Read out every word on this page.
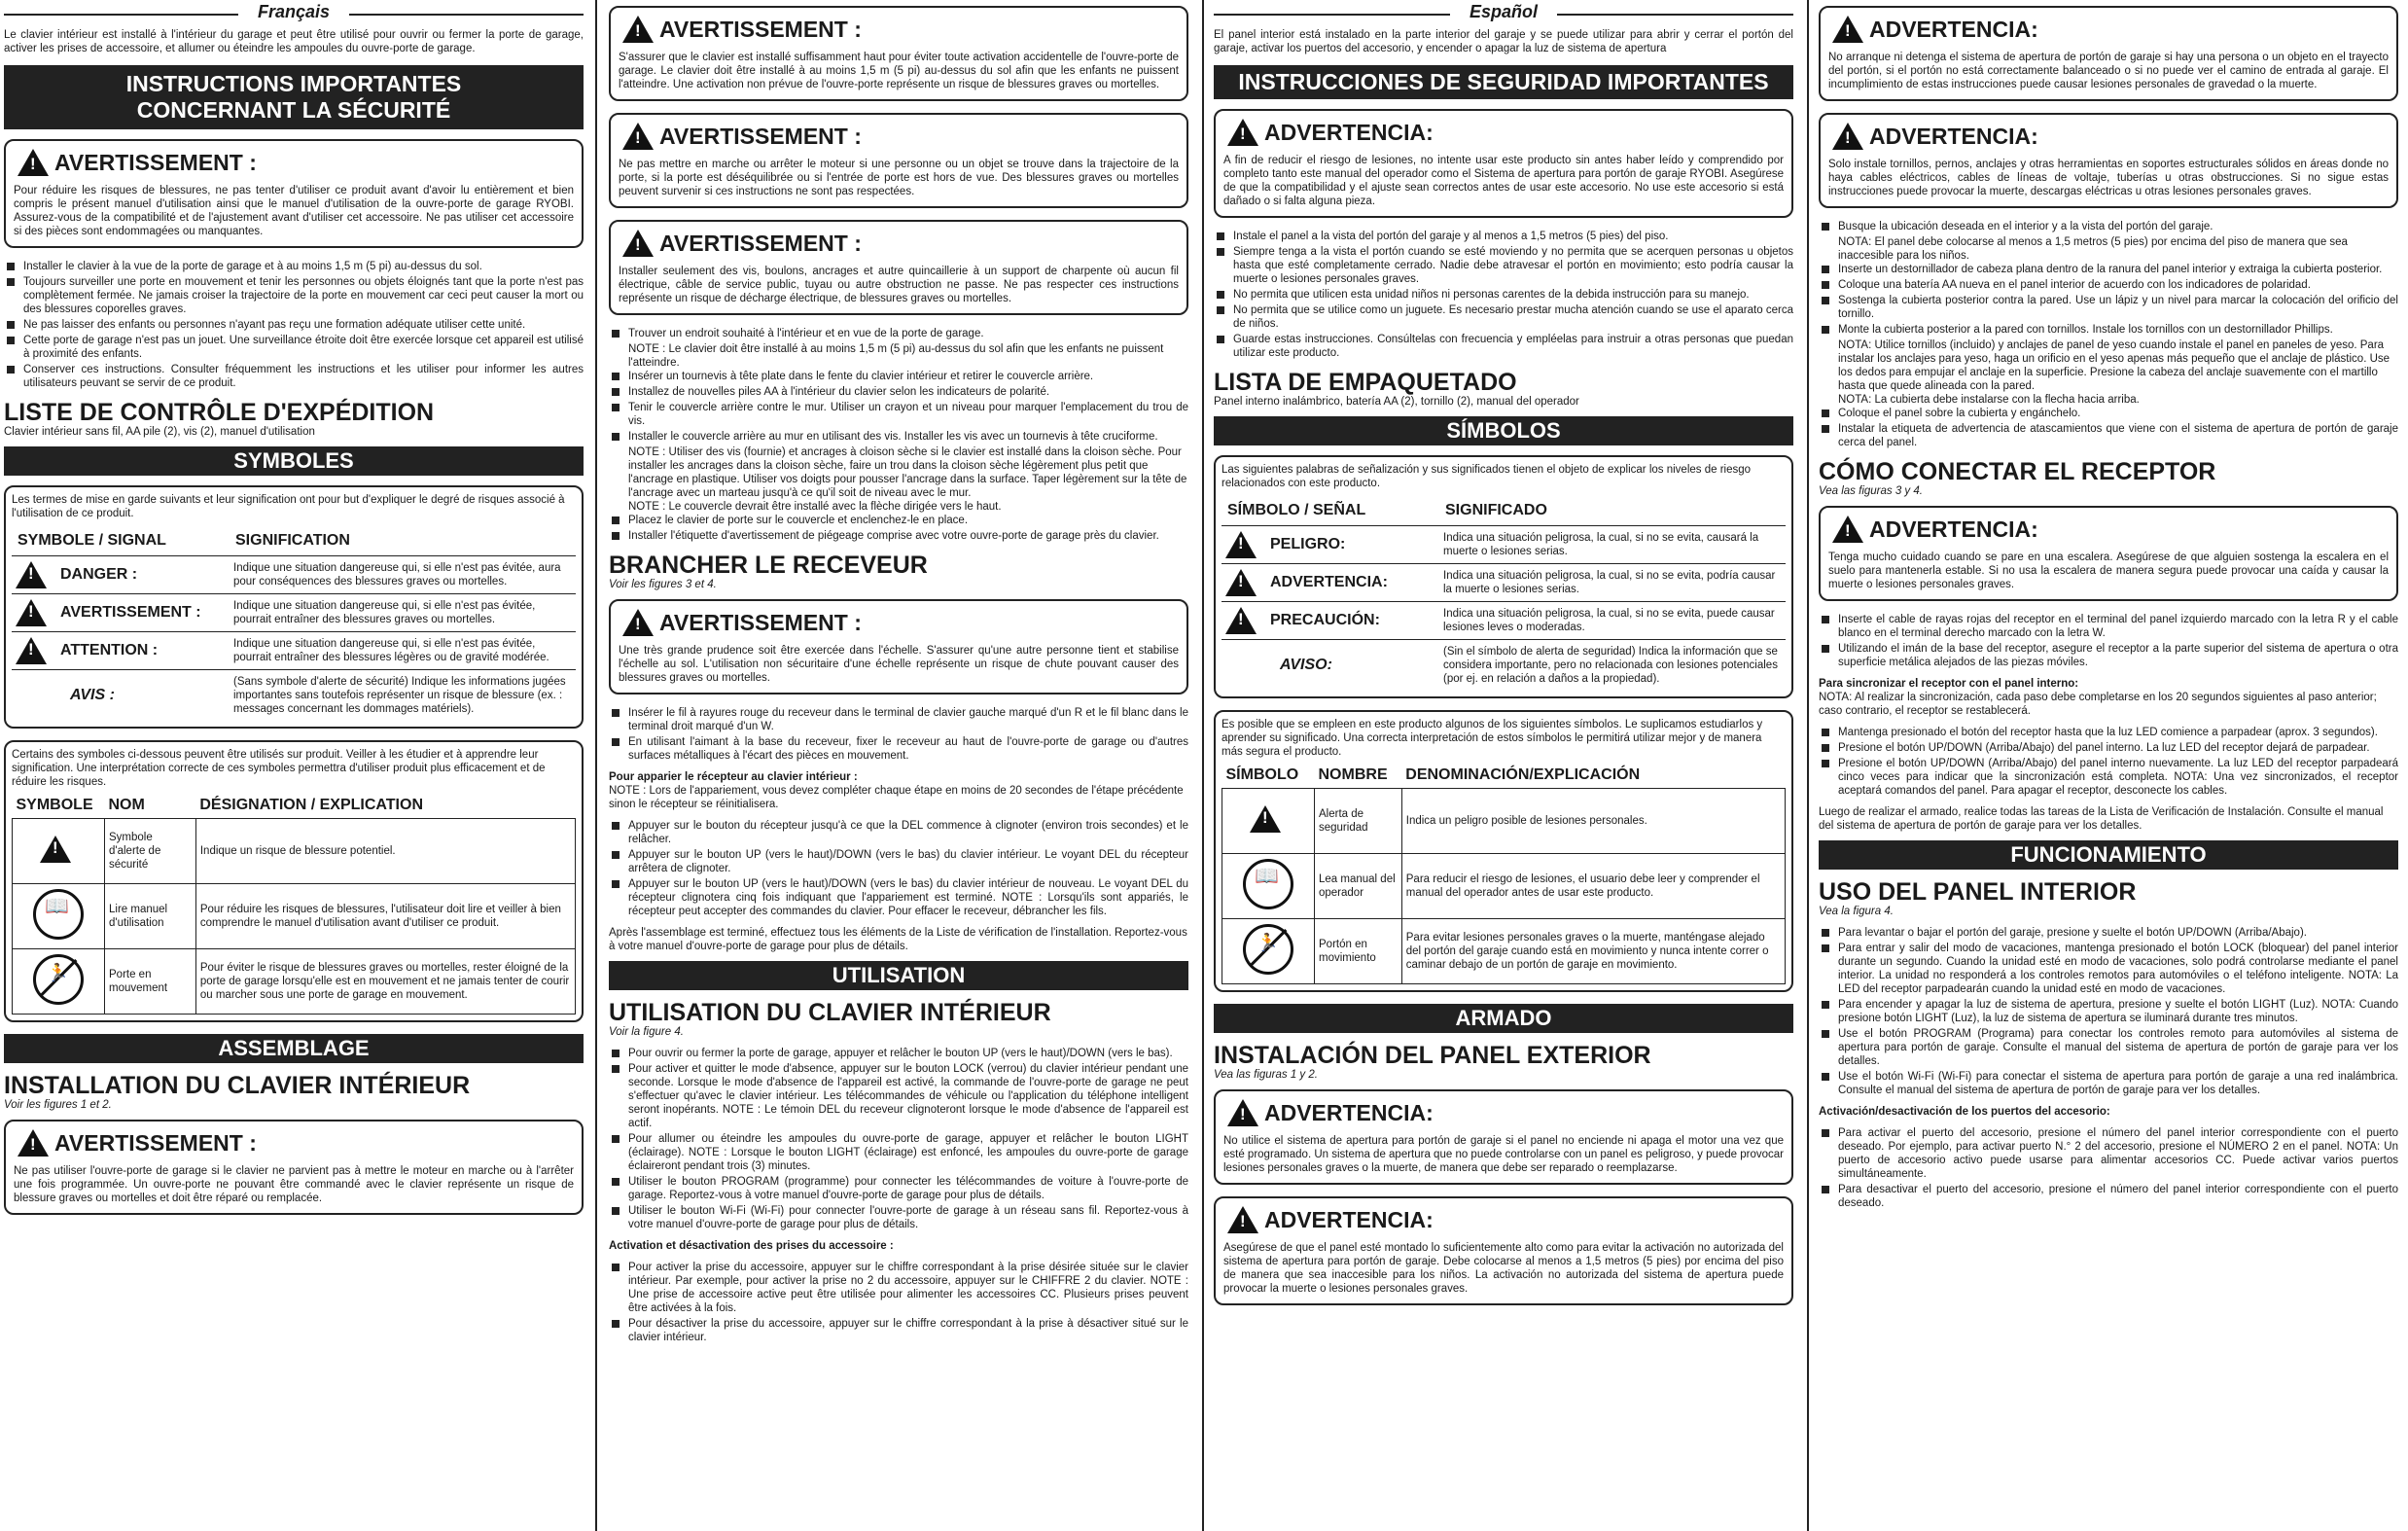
Français

Le clavier intérieur est installé à l'intérieur du garage et peut être utilisé pour ouvrir ou fermer la porte de garage, activer les prises de accessoire, et allumer ou éteindre les ampoules du ouvre-porte de garage.

INSTRUCTIONS IMPORTANTES
CONCERNANT LA SÉCURITÉ
!
AVERTISSEMENT :

Pour réduire les risques de blessures, ne pas tenter d'utiliser ce produit avant d'avoir lu entièrement et bien compris le présent manuel d'utilisation ainsi que le manuel d'utilisation de la ouvre-porte de garage RYOBI. Assurez-vous de la compatibilité et de l'ajustement avant d'utiliser cet accessoire. Ne pas utiliser cet accessoire si des pièces sont endommagées ou manquantes.

Installer le clavier à la vue de la porte de garage et à au moins 1,5 m (5 pi) au-dessus du sol.
Toujours surveiller une porte en mouvement et tenir les personnes ou objets éloignés tant que la porte n'est pas complètement fermée. Ne jamais croiser la trajectoire de la porte en mouvement car ceci peut causer la mort ou des blessures coporelles graves.
Ne pas laisser des enfants ou personnes n'ayant pas reçu une formation adéquate utiliser cette unité.
Cette porte de garage n'est pas un jouet. Une surveillance étroite doit être exercée lorsque cet appareil est utilisé à proximité des enfants.
Conserver ces instructions. Consulter fréquemment les instructions et les utiliser pour informer les autres utilisateurs peuvant se servir de ce produit.
LISTE DE CONTRÔLE D'EXPÉDITION

Clavier intérieur sans fil, AA pile (2), vis (2), manuel d'utilisation

SYMBOLES

Les termes de mise en garde suivants et leur signification ont pour but d'expliquer le degré de risques associé à l'utilisation de ce produit.

SYMBOLE / SIGNAL	SIGNIFICATION
!DANGER :	Indique une situation dangereuse qui, si elle n'est pas évitée, aura pour conséquences des blessures graves ou mortelles.
!AVERTISSEMENT :	Indique une situation dangereuse qui, si elle n'est pas évitée, pourrait entraîner des blessures graves ou mortelles.
!ATTENTION :	Indique une situation dangereuse qui, si elle n'est pas évitée, pourrait entraîner des blessures légères ou de gravité modérée.
AVIS :	(Sans symbole d'alerte de sécurité) Indique les informations jugées importantes sans toutefois représenter un risque de blessure (ex. : messages concernant les dommages matériels).

Certains des symboles ci-dessous peuvent être utilisés sur produit. Veiller à les étudier et à apprendre leur signification. Une interprétation correcte de ces symboles permettra d'utiliser produit plus efficacement et de réduire les risques.

SYMBOLE	NOM	DÉSIGNATION / EXPLICATION
!	Symbole d'alerte de sécurité	Indique un risque de blessure potentiel.
📖	Lire manuel d'utilisation	Pour réduire les risques de blessures, l'utilisateur doit lire et veiller à bien comprendre le manuel d'utilisation avant d'utiliser ce produit.
🏃	Porte en mouvement	Pour éviter le risque de blessures graves ou mortelles, rester éloigné de la porte de garage lorsqu'elle est en mouvement et ne jamais tenter de courir ou marcher sous une porte de garage en mouvement.
ASSEMBLAGE
INSTALLATION DU CLAVIER INTÉRIEUR

Voir les figures 1 et 2.

!
AVERTISSEMENT :

Ne pas utiliser l'ouvre-porte de garage si le clavier ne parvient pas à mettre le moteur en marche ou à l'arrêter une fois programmée. Un ouvre-porte ne pouvant être commandé avec le clavier représente un risque de blessure graves ou mortelles et doit être réparé ou remplacée.

!
AVERTISSEMENT :

S'assurer que le clavier est installé suffisamment haut pour éviter toute activation accidentelle de l'ouvre-porte de garage. Le clavier doit être installé à au moins 1,5 m (5 pi) au-dessus du sol afin que les enfants ne puissent l'atteindre. Une activation non prévue de l'ouvre-porte représente un risque de blessures graves ou mortelles.

!
AVERTISSEMENT :

Ne pas mettre en marche ou arrêter le moteur si une personne ou un objet se trouve dans la trajectoire de la porte, si la porte est déséquilibrée ou si l'entrée de porte est hors de vue. Des blessures graves ou mortelles peuvent survenir si ces instructions ne sont pas respectées.

!
AVERTISSEMENT :

Installer seulement des vis, boulons, ancrages et autre quincaillerie à un support de charpente où aucun fil électrique, câble de service public, tuyau ou autre obstruction ne passe. Ne pas respecter ces instructions représente un risque de décharge électrique, de blessures graves ou mortelles.

Trouver un endroit souhaité à l'intérieur et en vue de la porte de garage.

NOTE : Le clavier doit être installé à au moins 1,5 m (5 pi) au-dessus du sol afin que les enfants ne puissent l'atteindre.

Insérer un tournevis à tête plate dans le fente du clavier intérieur et retirer le couvercle arrière.
Installez de nouvelles piles AA à l'intérieur du clavier selon les indicateurs de polarité.
Tenir le couvercle arrière contre le mur. Utiliser un crayon et un niveau pour marquer l'emplacement du trou de vis.
Installer le couvercle arrière au mur en utilisant des vis. Installer les vis avec un tournevis à tête cruciforme.

NOTE : Utiliser des vis (fournie) et ancrages à cloison sèche si le clavier est installé dans la cloison sèche. Pour installer les ancrages dans la cloison sèche, faire un trou dans la cloison sèche légèrement plus petit que l'ancrage en plastique. Utiliser vos doigts pour pousser l'ancrage dans la surface. Taper légèrement sur la tête de l'ancrage avec un marteau jusqu'à ce qu'il soit de niveau avec le mur.

NOTE : Le couvercle devrait être installé avec la flèche dirigée vers le haut.

Placez le clavier de porte sur le couvercle et enclenchez-le en place.
Installer l'étiquette d'avertissement de piégeage comprise avec votre ouvre-porte de garage près du clavier.
BRANCHER LE RECEVEUR

Voir les figures 3 et 4.

!
AVERTISSEMENT :

Une très grande prudence soit être exercée dans l'échelle. S'assurer qu'une autre personne tient et stabilise l'échelle au sol. L'utilisation non sécuritaire d'une échelle représente un risque de chute pouvant causer des blessures graves ou mortelles.

Insérer le fil à rayures rouge du receveur dans le terminal de clavier gauche marqué d'un R et le fil blanc dans le terminal droit marqué d'un W.
En utilisant l'aimant à la base du receveur, fixer le receveur au haut de l'ouvre-porte de garage ou d'autres surfaces métalliques à l'écart des pièces en mouvement.

Pour apparier le récepteur au clavier intérieur :

NOTE : Lors de l'appariement, vous devez compléter chaque étape en moins de 20 secondes de l'étape précédente sinon le récepteur se réinitialisera.

Appuyer sur le bouton du récepteur jusqu'à ce que la DEL commence à clignoter (environ trois secondes) et le relâcher.
Appuyer sur le bouton UP (vers le haut)/DOWN (vers le bas) du clavier intérieur. Le voyant DEL du récepteur arrêtera de clignoter.
Appuyer sur le bouton UP (vers le haut)/DOWN (vers le bas) du clavier intérieur de nouveau. Le voyant DEL du récepteur clignotera cinq fois indiquant que l'appariement est terminé. NOTE : Lorsqu'ils sont appariés, le récepteur peut accepter des commandes du clavier. Pour effacer le receveur, débrancher les fils.

Après l'assemblage est terminé, effectuez tous les éléments de la Liste de vérification de l'installation. Reportez-vous à votre manuel d'ouvre-porte de garage pour plus de détails.

UTILISATION
UTILISATION DU CLAVIER INTÉRIEUR

Voir la figure 4.

Pour ouvrir ou fermer la porte de garage, appuyer et relâcher le bouton UP (vers le haut)/DOWN (vers le bas).
Pour activer et quitter le mode d'absence, appuyer sur le bouton LOCK (verrou) du clavier intérieur pendant une seconde. Lorsque le mode d'absence de l'appareil est activé, la commande de l'ouvre-porte de garage ne peut s'effectuer qu'avec le clavier intérieur. Les télécommandes de véhicule ou l'application du téléphone intelligent seront inopérants. NOTE : Le témoin DEL du receveur clignoteront lorsque le mode d'absence de l'appareil est actif.
Pour allumer ou éteindre les ampoules du ouvre-porte de garage, appuyer et relâcher le bouton LIGHT (éclairage). NOTE : Lorsque le bouton LIGHT (éclairage) est enfoncé, les ampoules du ouvre-porte de garage éclaireront pendant trois (3) minutes.
Utiliser le bouton PROGRAM (programme) pour connecter les télécommandes de voiture à l'ouvre-porte de garage. Reportez-vous à votre manuel d'ouvre-porte de garage pour plus de détails.
Utiliser le bouton Wi-Fi (Wi-Fi) pour connecter l'ouvre-porte de garage à un réseau sans fil. Reportez-vous à votre manuel d'ouvre-porte de garage pour plus de détails.

Activation et désactivation des prises du accessoire :

Pour activer la prise du accessoire, appuyer sur le chiffre correspondant à la prise désirée située sur le clavier intérieur. Par exemple, pour activer la prise no 2 du accessoire, appuyer sur le CHIFFRE 2 du clavier. NOTE : Une prise de accessoire active peut être utilisée pour alimenter les accessoires CC. Plusieurs prises peuvent être activées à la fois.
Pour désactiver la prise du accessoire, appuyer sur le chiffre correspondant à la prise à désactiver situé sur le clavier intérieur.
Español

El panel interior está instalado en la parte interior del garaje y se puede utilizar para abrir y cerrar el portón del garaje, activar los puertos del accesorio, y encender o apagar la luz de sistema de apertura

INSTRUCCIONES DE SEGURIDAD IMPORTANTES
!
ADVERTENCIA:

A fin de reducir el riesgo de lesiones, no intente usar este producto sin antes haber leído y comprendido por completo tanto este manual del operador como el Sistema de apertura para portón de garaje RYOBI. Asegúrese de que la compatibilidad y el ajuste sean correctos antes de usar este accesorio. No use este accesorio si está dañado o si falta alguna pieza.

Instale el panel a la vista del portón del garaje y al menos a 1,5 metros (5 pies) del piso.
Siempre tenga a la vista el portón cuando se esté moviendo y no permita que se acerquen personas u objetos hasta que esté completamente cerrado. Nadie debe atravesar el portón en movimiento; esto podría causar la muerte o lesiones personales graves.
No permita que utilicen esta unidad niños ni personas carentes de la debida instrucción para su manejo.
No permita que se utilice como un juguete. Es necesario prestar mucha atención cuando se use el aparato cerca de niños.
Guarde estas instrucciones. Consúltelas con frecuencia y empléelas para instruir a otras personas que puedan utilizar este producto.
LISTA DE EMPAQUETADO

Panel interno inalámbrico, batería AA (2), tornillo (2), manual del operador

SÍMBOLOS

Las siguientes palabras de señalización y sus significados tienen el objeto de explicar los niveles de riesgo relacionados con este producto.

SÍMBOLO / SEÑAL	SIGNIFICADO
!PELIGRO:	Indica una situación peligrosa, la cual, si no se evita, causará la muerte o lesiones serias.
!ADVERTENCIA:	Indica una situación peligrosa, la cual, si no se evita, podría causar la muerte o lesiones serias.
!PRECAUCIÓN:	Indica una situación peligrosa, la cual, si no se evita, puede causar lesiones leves o moderadas.
AVISO:	(Sin el símbolo de alerta de seguridad) Indica la información que se considera importante, pero no relacionada con lesiones potenciales (por ej. en relación a daños a la propiedad).

Es posible que se empleen en este producto algunos de los siguientes símbolos. Le suplicamos estudiarlos y aprender su significado. Una correcta interpretación de estos símbolos le permitirá utilizar mejor y de manera más segura el producto.

SÍMBOLO	NOMBRE	DENOMINACIÓN/EXPLICACIÓN
!	Alerta de seguridad	Indica un peligro posible de lesiones personales.
📖	Lea manual del operador	Para reducir el riesgo de lesiones, el usuario debe leer y comprender el manual del operador antes de usar este producto.
🏃	Portón en movimiento	Para evitar lesiones personales graves o la muerte, manténgase alejado del portón del garaje cuando está en movimiento y nunca intente correr o caminar debajo de un portón de garaje en movimiento.
ARMADO
INSTALACIÓN DEL PANEL EXTERIOR

Vea las figuras 1 y 2.

!
ADVERTENCIA:

No utilice el sistema de apertura para portón de garaje si el panel no enciende ni apaga el motor una vez que esté programado. Un sistema de apertura que no puede controlarse con un panel es peligroso, y puede provocar lesiones personales graves o la muerte, de manera que debe ser reparado o reemplazarse.

!
ADVERTENCIA:

Asegúrese de que el panel esté montado lo suficientemente alto como para evitar la activación no autorizada del sistema de apertura para portón de garaje. Debe colocarse al menos a 1,5 metros (5 pies) por encima del piso de manera que sea inaccesible para los niños. La activación no autorizada del sistema de apertura puede provocar la muerte o lesiones personales graves.

!
ADVERTENCIA:

No arranque ni detenga el sistema de apertura de portón de garaje si hay una persona o un objeto en el trayecto del portón, si el portón no está correctamente balanceado o si no puede ver el camino de entrada al garaje. El incumplimiento de estas instrucciones puede causar lesiones personales de gravedad o la muerte.

!
ADVERTENCIA:

Solo instale tornillos, pernos, anclajes y otras herramientas en soportes estructurales sólidos en áreas donde no haya cables eléctricos, cables de líneas de voltaje, tuberías u otras obstrucciones. Si no sigue estas instrucciones puede provocar la muerte, descargas eléctricas u otras lesiones personales graves.

Busque la ubicación deseada en el interior y a la vista del portón del garaje.

NOTA: El panel debe colocarse al menos a 1,5 metros (5 pies) por encima del piso de manera que sea inaccesible para los niños.

Inserte un destornillador de cabeza plana dentro de la ranura del panel interior y extraiga la cubierta posterior.
Coloque una batería AA nueva en el panel interior de acuerdo con los indicadores de polaridad.
Sostenga la cubierta posterior contra la pared. Use un lápiz y un nivel para marcar la colocación del orificio del tornillo.
Monte la cubierta posterior a la pared con tornillos. Instale los tornillos con un destornillador Phillips.

NOTA: Utilice tornillos (incluido) y anclajes de panel de yeso cuando instale el panel en paneles de yeso. Para instalar los anclajes para yeso, haga un orificio en el yeso apenas más pequeño que el anclaje de plástico. Use los dedos para empujar el anclaje en la superficie. Presione la cabeza del anclaje suavemente con el martillo hasta que quede alineada con la pared.

NOTA: La cubierta debe instalarse con la flecha hacia arriba.

Coloque el panel sobre la cubierta y engánchelo.
Instalar la etiqueta de advertencia de atascamientos que viene con el sistema de apertura de portón de garaje cerca del panel.
CÓMO CONECTAR EL RECEPTOR

Vea las figuras 3 y 4.

!
ADVERTENCIA:

Tenga mucho cuidado cuando se pare en una escalera. Asegúrese de que alguien sostenga la escalera en el suelo para mantenerla estable. Si no usa la escalera de manera segura puede provocar una caída y causar la muerte o lesiones personales graves.

Inserte el cable de rayas rojas del receptor en el terminal del panel izquierdo marcado con la letra R y el cable blanco en el terminal derecho marcado con la letra W.
Utilizando el imán de la base del receptor, asegure el receptor a la parte superior del sistema de apertura o otra superficie metálica alejados de las piezas móviles.

Para sincronizar el receptor con el panel interno:

NOTA: Al realizar la sincronización, cada paso debe completarse en los 20 segundos siguientes al paso anterior; caso contrario, el receptor se restablecerá.

Mantenga presionado el botón del receptor hasta que la luz LED comience a parpadear (aprox. 3 segundos).
Presione el botón UP/DOWN (Arriba/Abajo) del panel interno. La luz LED del receptor dejará de parpadear.
Presione el botón UP/DOWN (Arriba/Abajo) del panel interno nuevamente. La luz LED del receptor parpadeará cinco veces para indicar que la sincronización está completa. NOTA: Una vez sincronizados, el receptor aceptará comandos del panel. Para apagar el receptor, desconecte los cables.

Luego de realizar el armado, realice todas las tareas de la Lista de Verificación de Instalación. Consulte el manual del sistema de apertura de portón de garaje para ver los detalles.

FUNCIONAMIENTO
USO DEL PANEL INTERIOR

Vea la figura 4.

Para levantar o bajar el portón del garaje, presione y suelte el botón UP/DOWN (Arriba/Abajo).
Para entrar y salir del modo de vacaciones, mantenga presionado el botón LOCK (bloquear) del panel interior durante un segundo. Cuando la unidad esté en modo de vacaciones, solo podrá controlarse mediante el panel interior. La unidad no responderá a los controles remotos para automóviles o el teléfono inteligente. NOTA: La LED del receptor parpadearán cuando la unidad esté en modo de vacaciones.
Para encender y apagar la luz de sistema de apertura, presione y suelte el botón LIGHT (Luz). NOTA: Cuando presione botón LIGHT (Luz), la luz de sistema de apertura se iluminará durante tres minutos.
Use el botón PROGRAM (Programa) para conectar los controles remoto para automóviles al sistema de apertura para portón de garaje. Consulte el manual del sistema de apertura de portón de garaje para ver los detalles.
Use el botón Wi-Fi (Wi-Fi) para conectar el sistema de apertura para portón de garaje a una red inalámbrica. Consulte el manual del sistema de apertura de portón de garaje para ver los detalles.

Activación/desactivación de los puertos del accesorio:

Para activar el puerto del accesorio, presione el número del panel interior correspondiente con el puerto deseado. Por ejemplo, para activar puerto N.° 2 del accesorio, presione el NÚMERO 2 en el panel. NOTA: Un puerto de accesorio activo puede usarse para alimentar accesorios CC. Puede activar varios puertos simultáneamente.
Para desactivar el puerto del accesorio, presione el número del panel interior correspondiente con el puerto deseado.
